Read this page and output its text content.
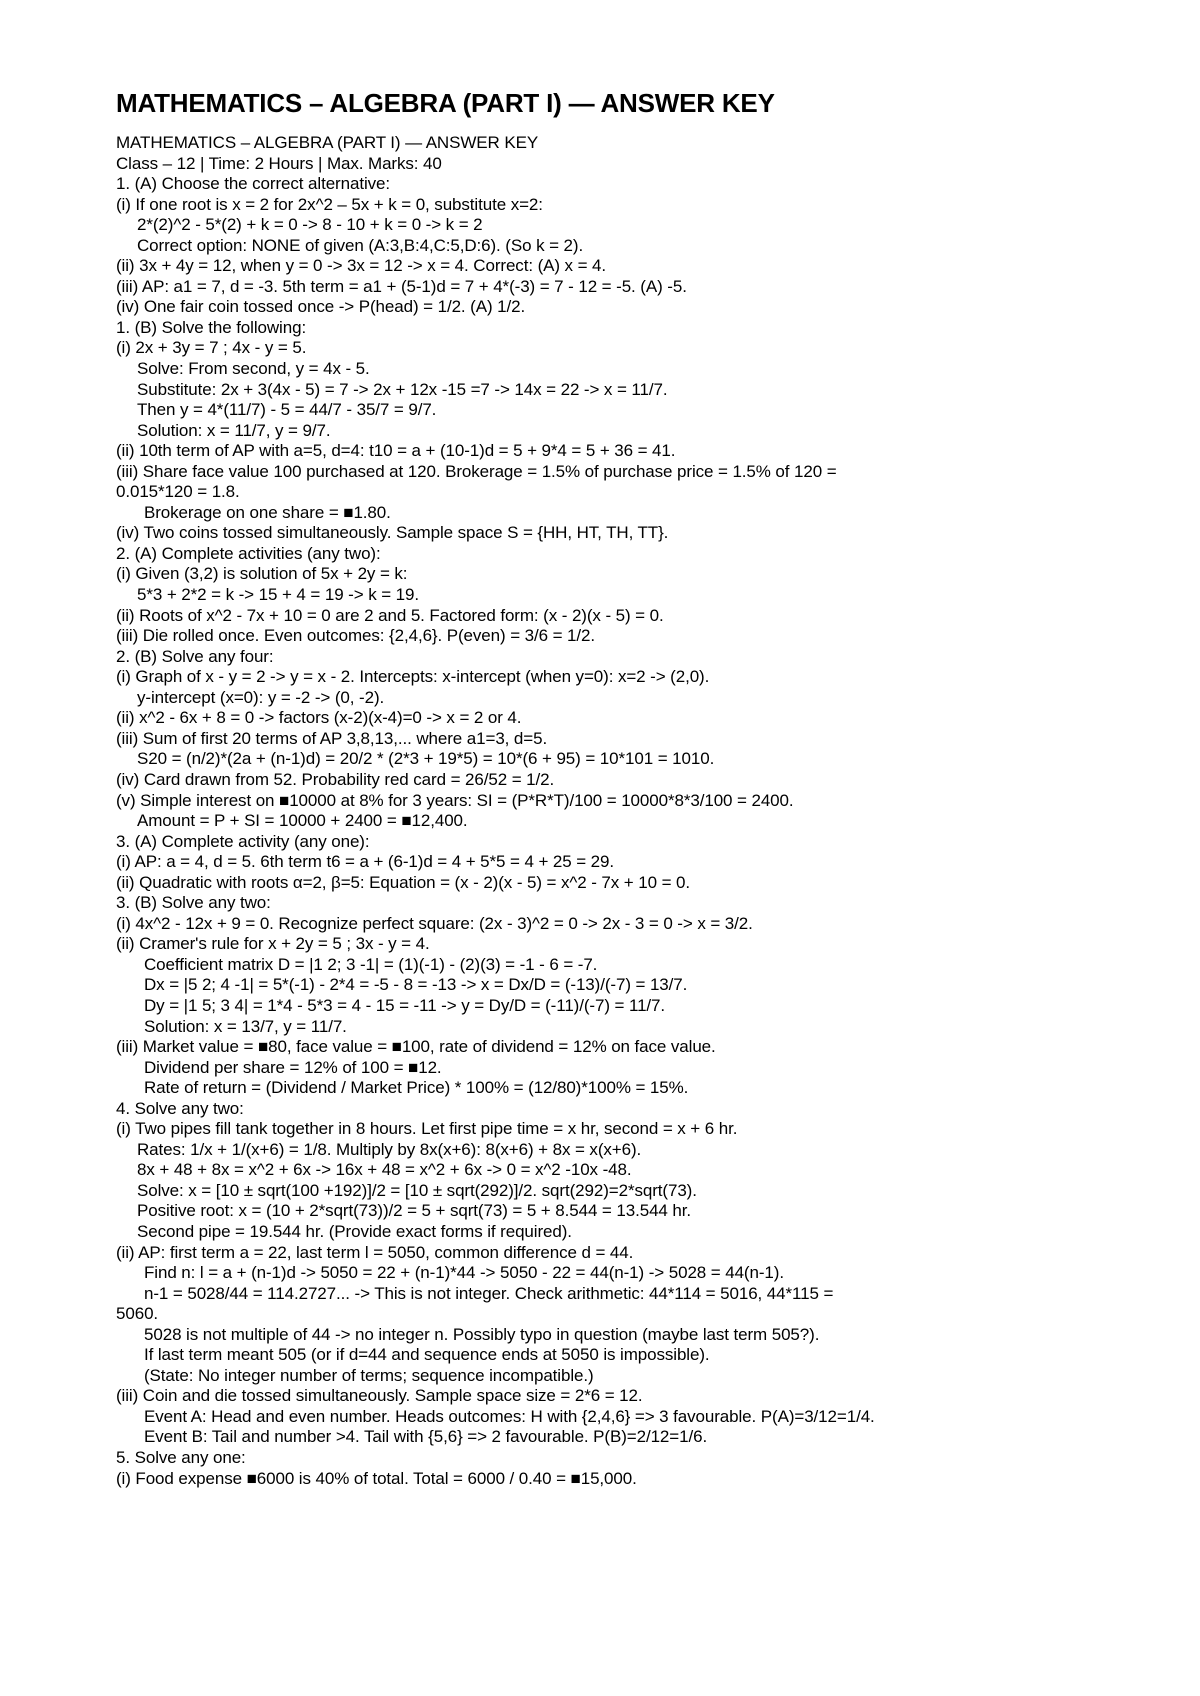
MATHEMATICS – ALGEBRA (PART I) — ANSWER KEY
MATHEMATICS – ALGEBRA (PART I) — ANSWER KEY
Class – 12 | Time: 2 Hours | Max. Marks: 40
1. (A) Choose the correct alternative:
(i) If one root is x = 2 for 2x^2 – 5x + k = 0, substitute x=2:
2*(2)^2 - 5*(2) + k = 0 -> 8 - 10 + k = 0 -> k = 2
Correct option: NONE of given (A:3,B:4,C:5,D:6). (So k = 2).
(ii) 3x + 4y = 12, when y = 0 -> 3x = 12 -> x = 4. Correct: (A) x = 4.
(iii) AP: a1 = 7, d = -3. 5th term = a1 + (5-1)d = 7 + 4*(-3) = 7 - 12 = -5. (A) -5.
(iv) One fair coin tossed once -> P(head) = 1/2. (A) 1/2.
1. (B) Solve the following:
(i) 2x + 3y = 7 ; 4x - y = 5.
Solve: From second, y = 4x - 5.
Substitute: 2x + 3(4x - 5) = 7 -> 2x + 12x -15 =7 -> 14x = 22 -> x = 11/7.
Then y = 4*(11/7) - 5 = 44/7 - 35/7 = 9/7.
Solution: x = 11/7, y = 9/7.
(ii) 10th term of AP with a=5, d=4: t10 = a + (10-1)d = 5 + 9*4 = 5 + 36 = 41.
(iii) Share face value 100 purchased at 120. Brokerage = 1.5% of purchase price = 1.5% of 120 =
0.015*120 = 1.8.
Brokerage on one share = ■1.80.
(iv) Two coins tossed simultaneously. Sample space S = {HH, HT, TH, TT}.
2. (A) Complete activities (any two):
(i) Given (3,2) is solution of 5x + 2y = k:
5*3 + 2*2 = k -> 15 + 4 = 19 -> k = 19.
(ii) Roots of x^2 - 7x + 10 = 0 are 2 and 5. Factored form: (x - 2)(x - 5) = 0.
(iii) Die rolled once. Even outcomes: {2,4,6}. P(even) = 3/6 = 1/2.
2. (B) Solve any four:
(i) Graph of x - y = 2 -> y = x - 2. Intercepts: x-intercept (when y=0): x=2 -> (2,0).
y-intercept (x=0): y = -2 -> (0, -2).
(ii) x^2 - 6x + 8 = 0 -> factors (x-2)(x-4)=0 -> x = 2 or 4.
(iii) Sum of first 20 terms of AP 3,8,13,... where a1=3, d=5.
S20 = (n/2)*(2a + (n-1)d) = 20/2 * (2*3 + 19*5) = 10*(6 + 95) = 10*101 = 1010.
(iv) Card drawn from 52. Probability red card = 26/52 = 1/2.
(v) Simple interest on ■10000 at 8% for 3 years: SI = (P*R*T)/100 = 10000*8*3/100 = 2400.
Amount = P + SI = 10000 + 2400 = ■12,400.
3. (A) Complete activity (any one):
(i) AP: a = 4, d = 5. 6th term t6 = a + (6-1)d = 4 + 5*5 = 4 + 25 = 29.
(ii) Quadratic with roots α=2, β=5: Equation = (x - 2)(x - 5) = x^2 - 7x + 10 = 0.
3. (B) Solve any two:
(i) 4x^2 - 12x + 9 = 0. Recognize perfect square: (2x - 3)^2 = 0 -> 2x - 3 = 0 -> x = 3/2.
(ii) Cramer's rule for x + 2y = 5 ; 3x - y = 4.
Coefficient matrix D = |1 2; 3 -1| = (1)(-1) - (2)(3) = -1 - 6 = -7.
Dx = |5 2; 4 -1| = 5*(-1) - 2*4 = -5 - 8 = -13 -> x = Dx/D = (-13)/(-7) = 13/7.
Dy = |1 5; 3 4| = 1*4 - 5*3 = 4 - 15 = -11 -> y = Dy/D = (-11)/(-7) = 11/7.
Solution: x = 13/7, y = 11/7.
(iii) Market value = ■80, face value = ■100, rate of dividend = 12% on face value.
Dividend per share = 12% of 100 = ■12.
Rate of return = (Dividend / Market Price) * 100% = (12/80)*100% = 15%.
4. Solve any two:
(i) Two pipes fill tank together in 8 hours. Let first pipe time = x hr, second = x + 6 hr.
Rates: 1/x + 1/(x+6) = 1/8. Multiply by 8x(x+6): 8(x+6) + 8x = x(x+6).
8x + 48 + 8x = x^2 + 6x -> 16x + 48 = x^2 + 6x -> 0 = x^2 -10x -48.
Solve: x = [10 ± sqrt(100 +192)]/2 = [10 ± sqrt(292)]/2. sqrt(292)=2*sqrt(73).
Positive root: x = (10 + 2*sqrt(73))/2 = 5 + sqrt(73) = 5 + 8.544 = 13.544 hr.
Second pipe = 19.544 hr. (Provide exact forms if required).
(ii) AP: first term a = 22, last term l = 5050, common difference d = 44.
Find n: l = a + (n-1)d -> 5050 = 22 + (n-1)*44 -> 5050 - 22 = 44(n-1) -> 5028 = 44(n-1).
n-1 = 5028/44 = 114.2727... -> This is not integer. Check arithmetic: 44*114 = 5016, 44*115 =
5060.
5028 is not multiple of 44 -> no integer n. Possibly typo in question (maybe last term 505?).
If last term meant 505 (or if d=44 and sequence ends at 5050 is impossible).
(State: No integer number of terms; sequence incompatible.)
(iii) Coin and die tossed simultaneously. Sample space size = 2*6 = 12.
Event A: Head and even number. Heads outcomes: H with {2,4,6} => 3 favourable. P(A)=3/12=1/4.
Event B: Tail and number >4. Tail with {5,6} => 2 favourable. P(B)=2/12=1/6.
5. Solve any one:
(i) Food expense ■6000 is 40% of total. Total = 6000 / 0.40 = ■15,000.
